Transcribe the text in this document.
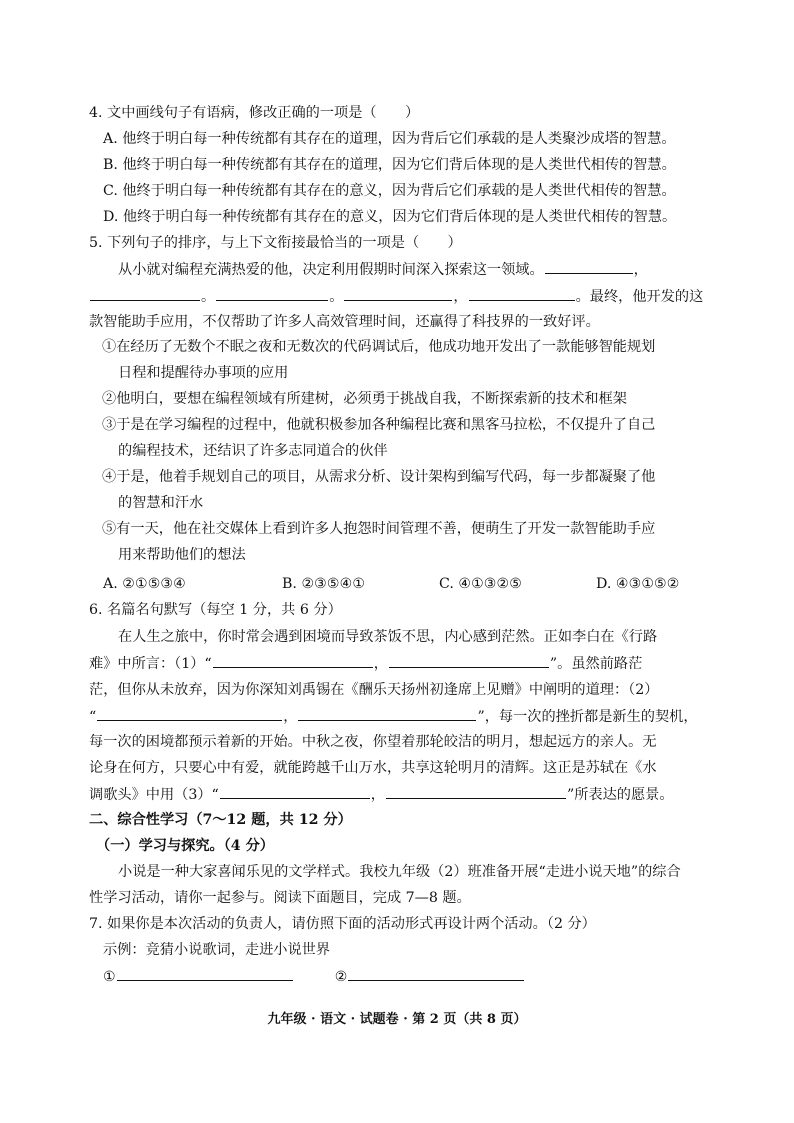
4. 文中画线句子有语病，修改正确的一项是（　　）
A. 他终于明白每一种传统都有其存在的道理，因为背后它们承载的是人类聚沙成塔的智慧。
B. 他终于明白每一种传统都有其存在的道理，因为它们背后体现的是人类世代相传的智慧。
C. 他终于明白每一种传统都有其存在的意义，因为背后它们承载的是人类世代相传的智慧。
D. 他终于明白每一种传统都有其存在的意义，因为它们背后体现的是人类世代相传的智慧。
5. 下列句子的排序，与上下文衔接最恰当的一项是（　　）
从小就对编程充满热爱的他，决定利用假期时间深入探索这一领域。	，
。	。	，	。最终，他开发的这
款智能助手应用，不仅帮助了许多人高效管理时间，还赢得了科技界的一致好评。
①在经历了无数个不眠之夜和无数次的代码调试后，他成功地开发出了一款能够智能规划
日程和提醒待办事项的应用
②他明白，要想在编程领域有所建树，必须勇于挑战自我，不断探索新的技术和框架
③于是在学习编程的过程中，他就积极参加各种编程比赛和黑客马拉松，不仅提升了自己
的编程技术，还结识了许多志同道合的伙伴
④于是，他着手规划自己的项目，从需求分析、设计架构到编写代码，每一步都凝聚了他
的智慧和汗水
⑤有一天，他在社交媒体上看到许多人抱怨时间管理不善，便萌生了开发一款智能助手应
用来帮助他们的想法
A. ②①⑤③④	B. ②③⑤④①	C. ④①③②⑤	D. ④③①⑤②
6. 名篇名句默写（每空 1 分，共 6 分）
在人生之旅中，你时常会遇到困境而导致茶饭不思，内心感到茫然。正如李白在《行路
难》中所言：（1）“	，	”。虽然前路茫
茫，但你从未放弃，因为你深知刘禹锡在《酬乐天扬州初逢席上见赠》中阐明的道理：（2）
“	，	”，每一次的挫折都是新生的契机，
每一次的困境都预示着新的开始。中秋之夜，你望着那轮皎洁的明月，想起远方的亲人。无
论身在何方，只要心中有爱，就能跨越千山万水，共享这轮明月的清辉。这正是苏轼在《水
调歌头》中用（3）“	，	”所表达的愿景。
二、综合性学习（7～12 题，共 12 分）
（一）学习与探究。（4 分）
小说是一种大家喜闻乐见的文学样式。我校九年级（2）班准备开展“走进小说天地”的综合
性学习活动，请你一起参与。阅读下面题目，完成 7—8 题。
7. 如果你是本次活动的负责人，请仿照下面的活动形式再设计两个活动。（2 分）
示例：竞猜小说歌词，走进小说世界
①	②
九年级 · 语文 · 试题卷 · 第 2 页（共 8 页）
